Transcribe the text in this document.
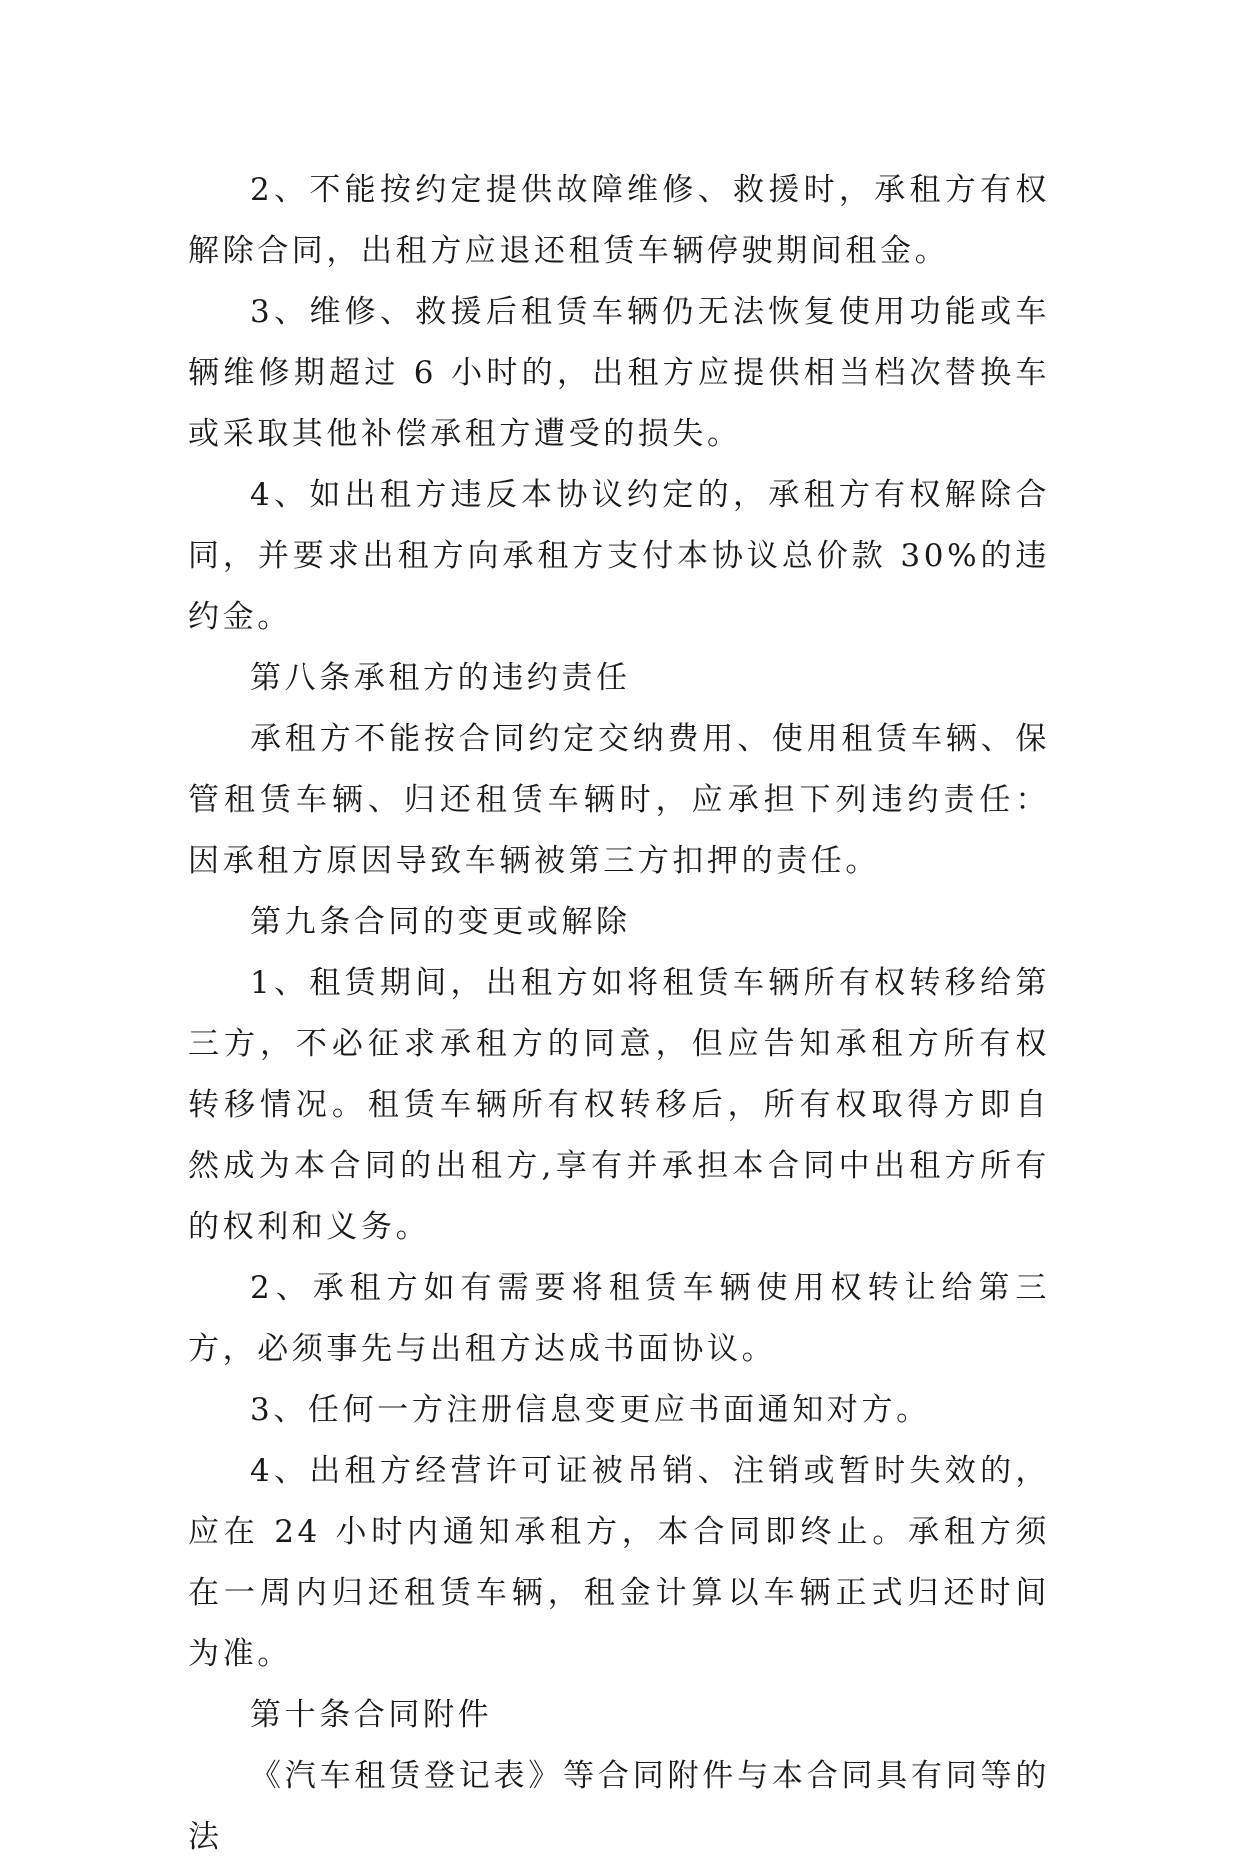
2、不能按约定提供故障维修、救援时，承租方有权解除合同，出租方应退还租赁车辆停驶期间租金。

3、维修、救援后租赁车辆仍无法恢复使用功能或车辆维修期超过 6 小时的，出租方应提供相当档次替换车或采取其他补偿承租方遭受的损失。

4、如出租方违反本协议约定的，承租方有权解除合同，并要求出租方向承租方支付本协议总价款 30%的违约金。

第八条承租方的违约责任

承租方不能按合同约定交纳费用、使用租赁车辆、保管租赁车辆、归还租赁车辆时，应承担下列违约责任：因承租方原因导致车辆被第三方扣押的责任。

第九条合同的变更或解除

1、租赁期间，出租方如将租赁车辆所有权转移给第三方，不必征求承租方的同意，但应告知承租方所有权转移情况。租赁车辆所有权转移后，所有权取得方即自然成为本合同的出租方,享有并承担本合同中出租方所有的权利和义务。

2、承租方如有需要将租赁车辆使用权转让给第三方，必须事先与出租方达成书面协议。

3、任何一方注册信息变更应书面通知对方。

4、出租方经营许可证被吊销、注销或暂时失效的，应在 24 小时内通知承租方，本合同即终止。承租方须在一周内归还租赁车辆，租金计算以车辆正式归还时间为准。

第十条合同附件

《汽车租赁登记表》等合同附件与本合同具有同等的法
